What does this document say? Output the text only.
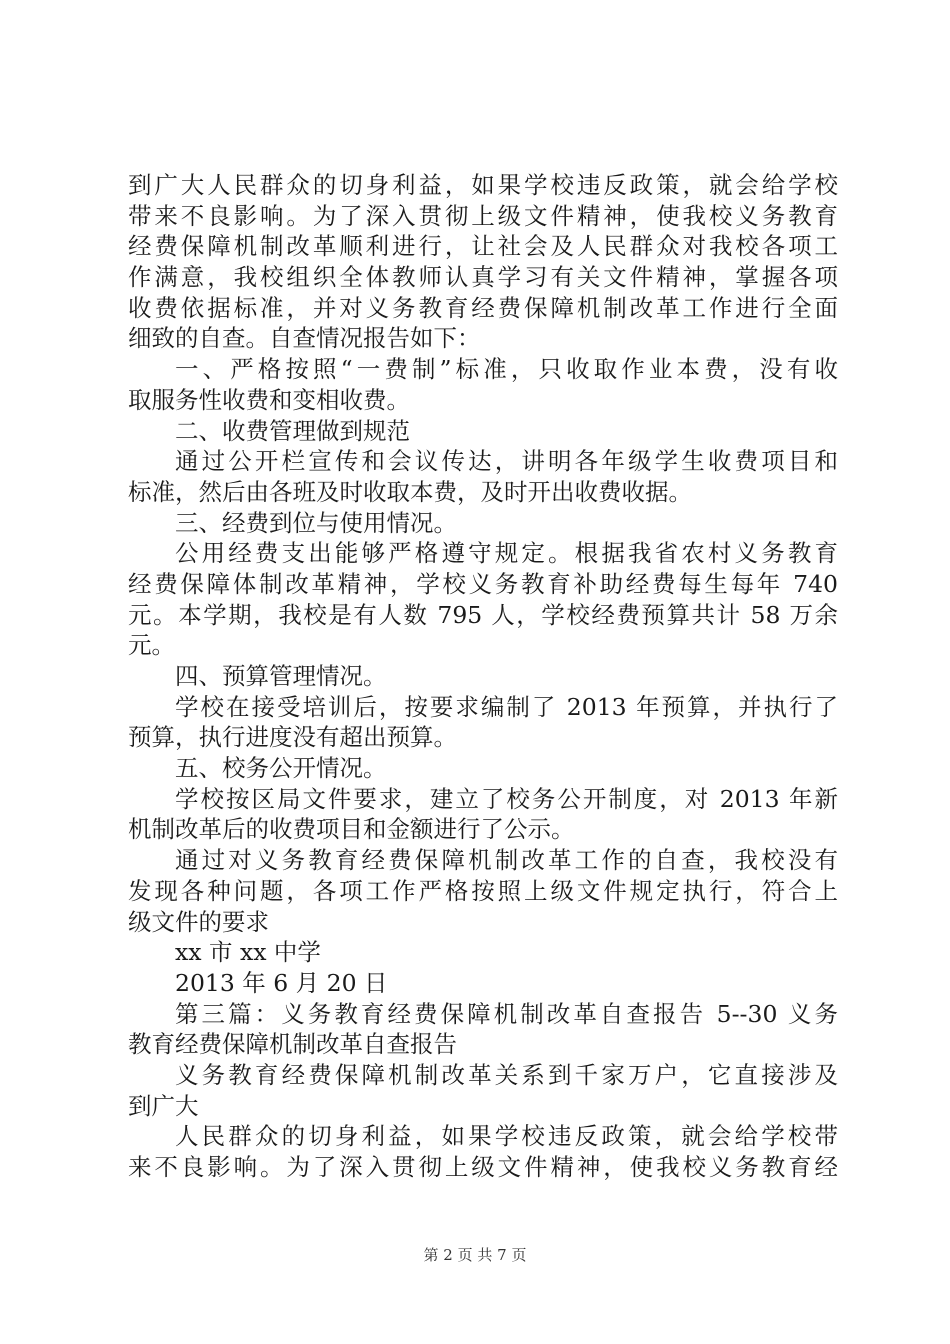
到广大人民群众的切身利益，如果学校违反政策，就会给学校
带来不良影响。为了深入贯彻上级文件精神，使我校义务教育
经费保障机制改革顺利进行，让社会及人民群众对我校各项工
作满意，我校组织全体教师认真学习有关文件精神，掌握各项
收费依据标准，并对义务教育经费保障机制改革工作进行全面
细致的自查。自查情况报告如下：
一、严格按照“一费制”标准，只收取作业本费，没有收
取服务性收费和变相收费。
二、收费管理做到规范
通过公开栏宣传和会议传达，讲明各年级学生收费项目和
标准，然后由各班及时收取本费，及时开出收费收据。
三、经费到位与使用情况。
公用经费支出能够严格遵守规定。根据我省农村义务教育
经费保障体制改革精神，学校义务教育补助经费每生每年 740
元。本学期，我校是有人数 795 人，学校经费预算共计 58 万余
元。
四、预算管理情况。
学校在接受培训后，按要求编制了 2013 年预算，并执行了
预算，执行进度没有超出预算。
五、校务公开情况。
学校按区局文件要求，建立了校务公开制度，对 2013 年新
机制改革后的收费项目和金额进行了公示。
通过对义务教育经费保障机制改革工作的自查，我校没有
发现各种问题，各项工作严格按照上级文件规定执行，符合上
级文件的要求
xx 市 xx 中学
2013 年 6 月 20 日
第三篇：义务教育经费保障机制改革自查报告 5--30 义务
教育经费保障机制改革自查报告
义务教育经费保障机制改革关系到千家万户，它直接涉及
到广大
人民群众的切身利益，如果学校违反政策，就会给学校带
来不良影响。为了深入贯彻上级文件精神，使我校义务教育经
第 2 页 共 7 页
